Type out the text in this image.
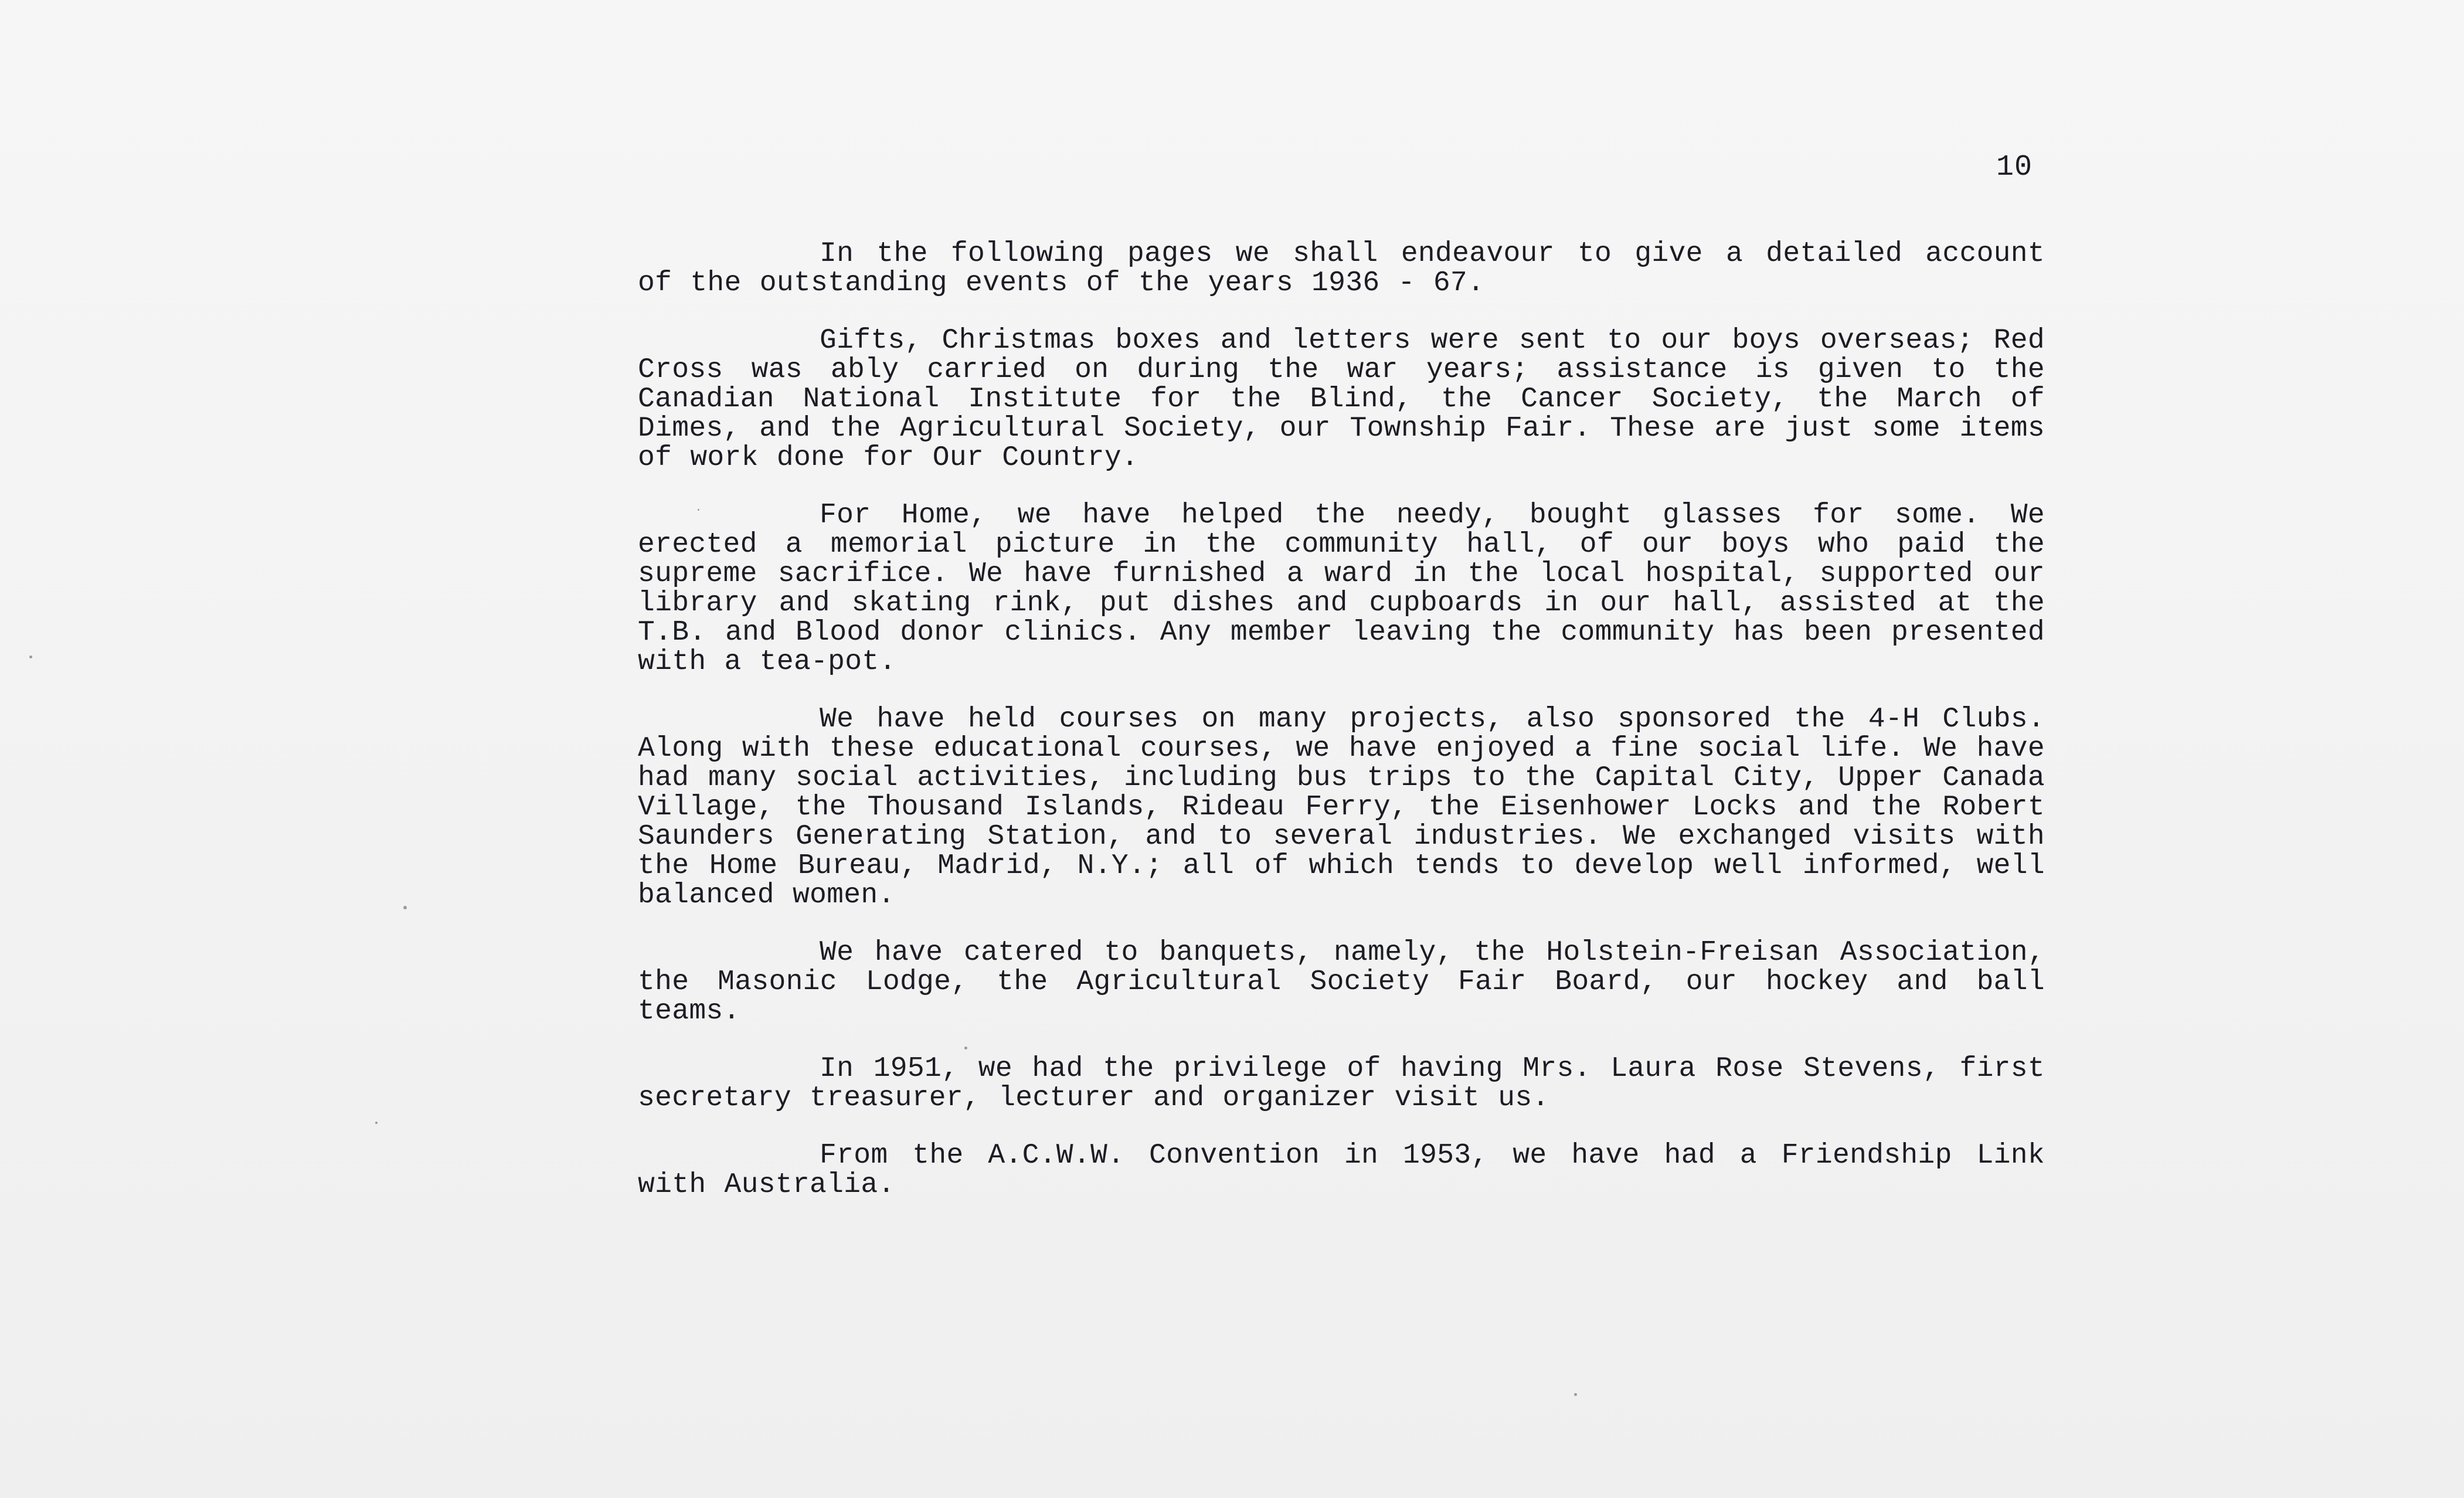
10

In the following pages we shall endeavour to give a detailed account of the outstanding events of the years 1936 - 67.

Gifts, Christmas boxes and letters were sent to our boys overseas; Red Cross was ably carried on during the war years; assistance is given to the Canadian National Institute for the Blind, the Cancer Society, the March of Dimes, and the Agricultural Society, our Township Fair. These are just some items of work done for Our Country.

For Home, we have helped the needy, bought glasses for some. We erected a memorial picture in the community hall, of our boys who paid the supreme sacrifice. We have furnished a ward in the local hospital, supported our library and skating rink, put dishes and cupboards in our hall, assisted at the T.B. and Blood donor clinics. Any member leaving the community has been presented with a tea-pot.

We have held courses on many projects, also sponsored the 4-H Clubs. Along with these educational courses, we have enjoyed a fine social life. We have had many social activities, including bus trips to the Capital City, Upper Canada Village, the Thousand Islands, Rideau Ferry, the Eisenhower Locks and the Robert Saunders Generating Station, and to several industries. We exchanged visits with the Home Bureau, Madrid, N.Y.; all of which tends to develop well informed, well balanced women.

We have catered to banquets, namely, the Holstein-Freisan Association, the Masonic Lodge, the Agricultural Society Fair Board, our hockey and ball teams.

In 1951, we had the privilege of having Mrs. Laura Rose Stevens, first secretary treasurer, lecturer and organizer visit us.

From the A.C.W.W. Convention in 1953, we have had a Friendship Link with Australia.
